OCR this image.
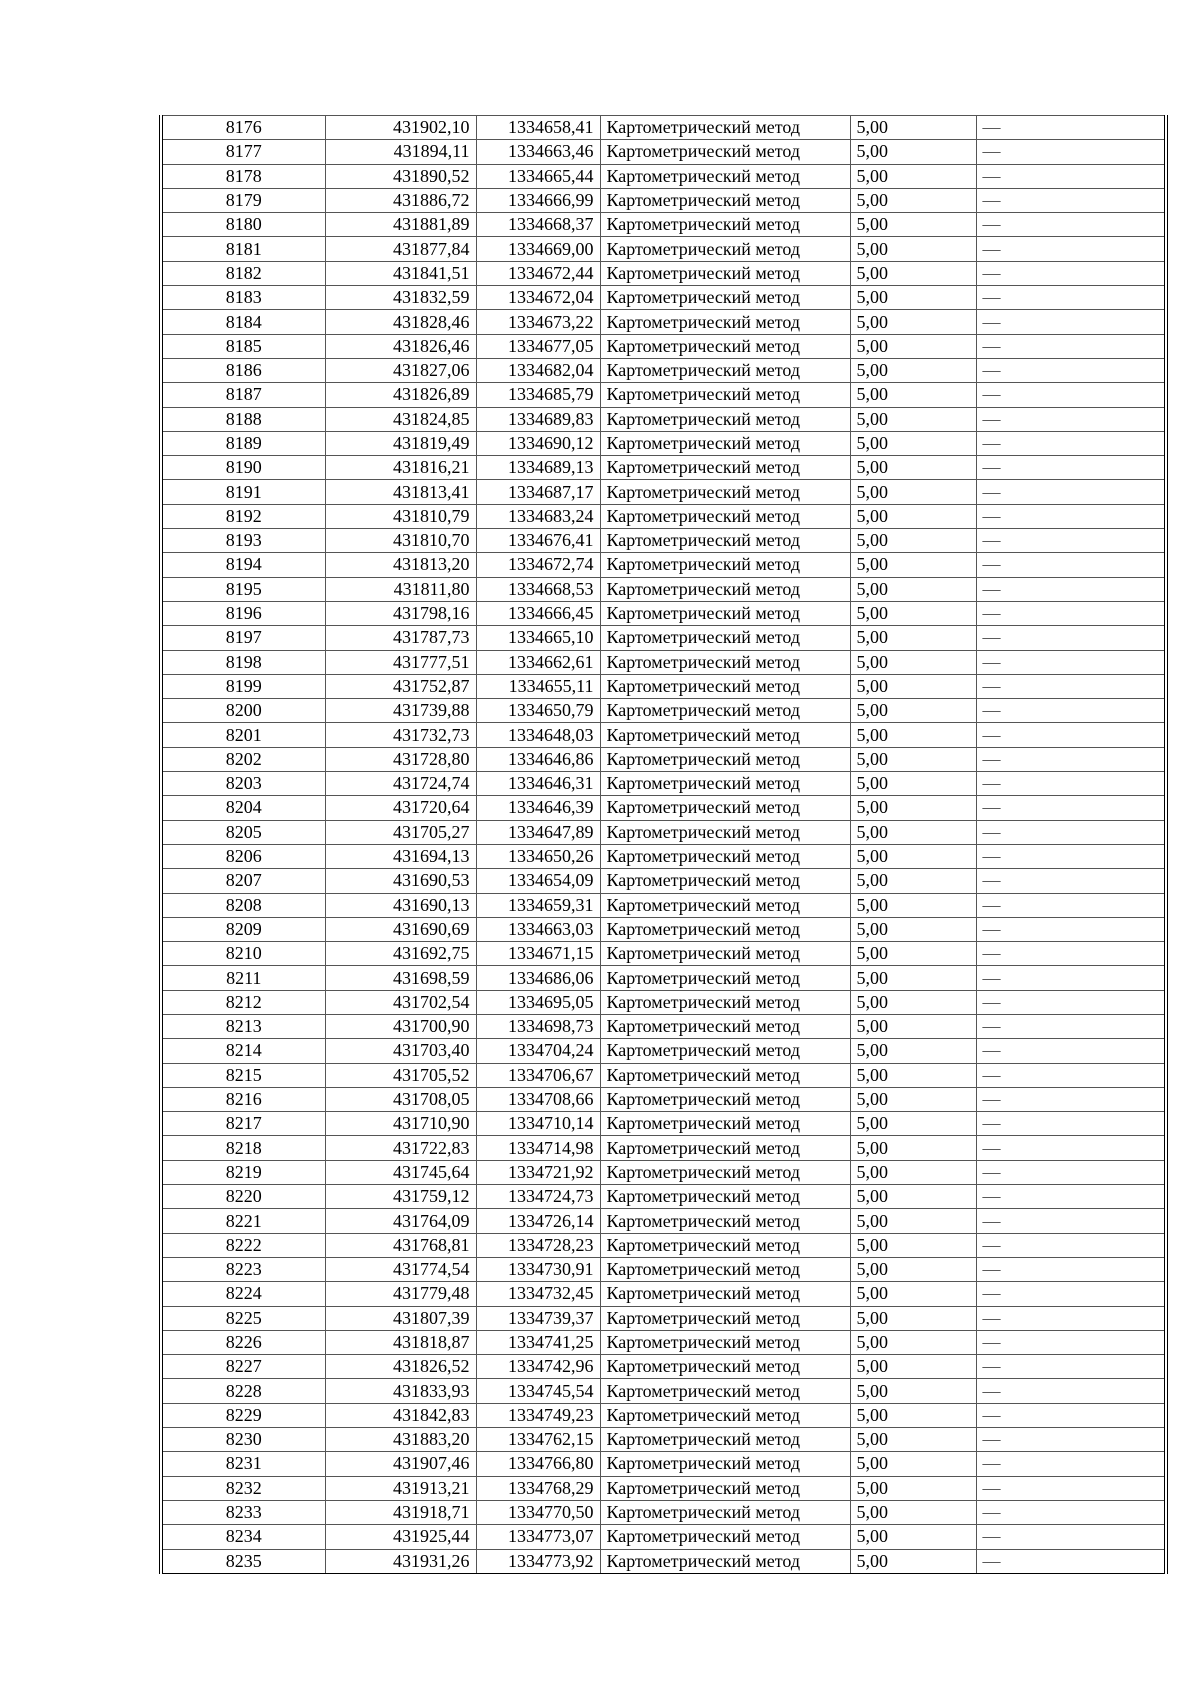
8176	431902,10	1334658,41	Картометрический метод	5,00	—
8177	431894,11	1334663,46	Картометрический метод	5,00	—
8178	431890,52	1334665,44	Картометрический метод	5,00	—
8179	431886,72	1334666,99	Картометрический метод	5,00	—
8180	431881,89	1334668,37	Картометрический метод	5,00	—
8181	431877,84	1334669,00	Картометрический метод	5,00	—
8182	431841,51	1334672,44	Картометрический метод	5,00	—
8183	431832,59	1334672,04	Картометрический метод	5,00	—
8184	431828,46	1334673,22	Картометрический метод	5,00	—
8185	431826,46	1334677,05	Картометрический метод	5,00	—
8186	431827,06	1334682,04	Картометрический метод	5,00	—
8187	431826,89	1334685,79	Картометрический метод	5,00	—
8188	431824,85	1334689,83	Картометрический метод	5,00	—
8189	431819,49	1334690,12	Картометрический метод	5,00	—
8190	431816,21	1334689,13	Картометрический метод	5,00	—
8191	431813,41	1334687,17	Картометрический метод	5,00	—
8192	431810,79	1334683,24	Картометрический метод	5,00	—
8193	431810,70	1334676,41	Картометрический метод	5,00	—
8194	431813,20	1334672,74	Картометрический метод	5,00	—
8195	431811,80	1334668,53	Картометрический метод	5,00	—
8196	431798,16	1334666,45	Картометрический метод	5,00	—
8197	431787,73	1334665,10	Картометрический метод	5,00	—
8198	431777,51	1334662,61	Картометрический метод	5,00	—
8199	431752,87	1334655,11	Картометрический метод	5,00	—
8200	431739,88	1334650,79	Картометрический метод	5,00	—
8201	431732,73	1334648,03	Картометрический метод	5,00	—
8202	431728,80	1334646,86	Картометрический метод	5,00	—
8203	431724,74	1334646,31	Картометрический метод	5,00	—
8204	431720,64	1334646,39	Картометрический метод	5,00	—
8205	431705,27	1334647,89	Картометрический метод	5,00	—
8206	431694,13	1334650,26	Картометрический метод	5,00	—
8207	431690,53	1334654,09	Картометрический метод	5,00	—
8208	431690,13	1334659,31	Картометрический метод	5,00	—
8209	431690,69	1334663,03	Картометрический метод	5,00	—
8210	431692,75	1334671,15	Картометрический метод	5,00	—
8211	431698,59	1334686,06	Картометрический метод	5,00	—
8212	431702,54	1334695,05	Картометрический метод	5,00	—
8213	431700,90	1334698,73	Картометрический метод	5,00	—
8214	431703,40	1334704,24	Картометрический метод	5,00	—
8215	431705,52	1334706,67	Картометрический метод	5,00	—
8216	431708,05	1334708,66	Картометрический метод	5,00	—
8217	431710,90	1334710,14	Картометрический метод	5,00	—
8218	431722,83	1334714,98	Картометрический метод	5,00	—
8219	431745,64	1334721,92	Картометрический метод	5,00	—
8220	431759,12	1334724,73	Картометрический метод	5,00	—
8221	431764,09	1334726,14	Картометрический метод	5,00	—
8222	431768,81	1334728,23	Картометрический метод	5,00	—
8223	431774,54	1334730,91	Картометрический метод	5,00	—
8224	431779,48	1334732,45	Картометрический метод	5,00	—
8225	431807,39	1334739,37	Картометрический метод	5,00	—
8226	431818,87	1334741,25	Картометрический метод	5,00	—
8227	431826,52	1334742,96	Картометрический метод	5,00	—
8228	431833,93	1334745,54	Картометрический метод	5,00	—
8229	431842,83	1334749,23	Картометрический метод	5,00	—
8230	431883,20	1334762,15	Картометрический метод	5,00	—
8231	431907,46	1334766,80	Картометрический метод	5,00	—
8232	431913,21	1334768,29	Картометрический метод	5,00	—
8233	431918,71	1334770,50	Картометрический метод	5,00	—
8234	431925,44	1334773,07	Картометрический метод	5,00	—
8235	431931,26	1334773,92	Картометрический метод	5,00	—
